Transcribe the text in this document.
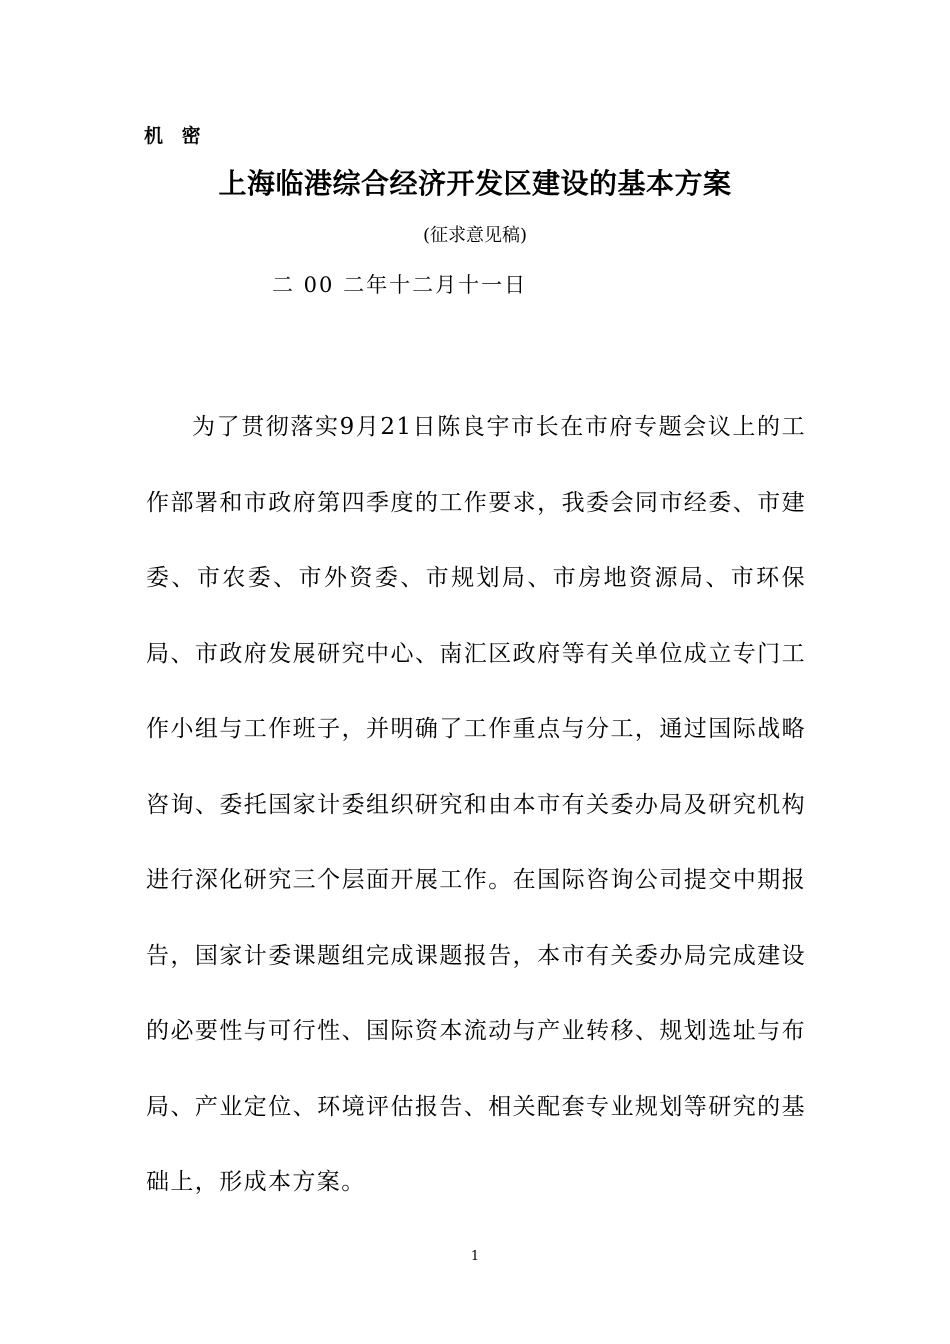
机 密
上海临港综合经济开发区建设的基本方案
(征求意见稿)
二 00 二年十二月十一日

为了贯彻落实9月21日陈良宇市长在市府专题会议上的工作部署和市政府第四季度的工作要求，我委会同市经委、市建委、市农委、市外资委、市规划局、市房地资源局、市环保局、市政府发展研究中心、南汇区政府等有关单位成立专门工作小组与工作班子，并明确了工作重点与分工，通过国际战略咨询、委托国家计委组织研究和由本市有关委办局及研究机构进行深化研究三个层面开展工作。在国际咨询公司提交中期报告，国家计委课题组完成课题报告，本市有关委办局完成建设的必要性与可行性、国际资本流动与产业转移、规划选址与布局、产业定位、环境评估报告、相关配套专业规划等研究的基础上，形成本方案。

1
